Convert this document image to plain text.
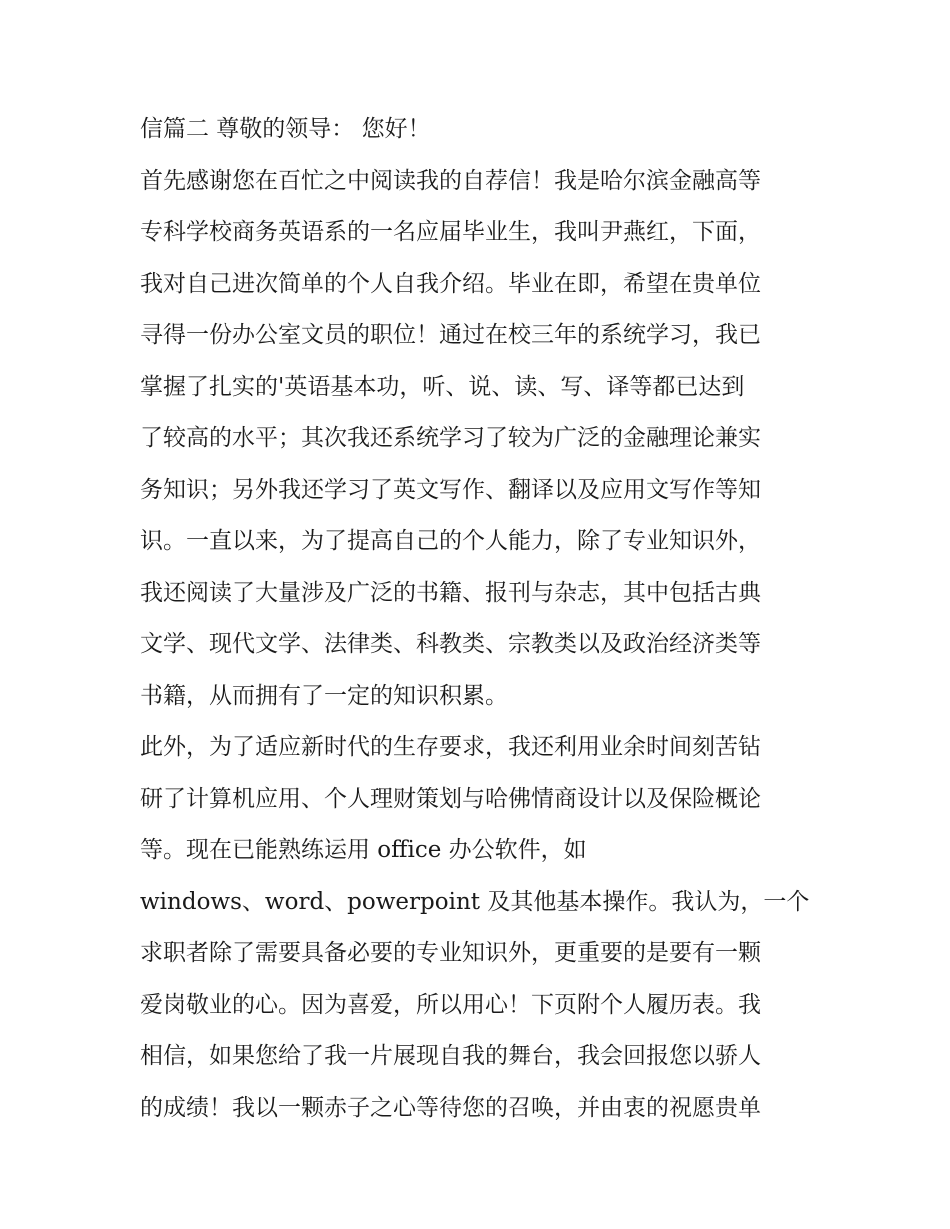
信篇二 尊敬的领导： 您好！
首先感谢您在百忙之中阅读我的自荐信！我是哈尔滨金融高等
专科学校商务英语系的一名应届毕业生，我叫尹燕红，下面，
我对自己进次简单的个人自我介绍。毕业在即，希望在贵单位
寻得一份办公室文员的职位！通过在校三年的系统学习，我已
掌握了扎实的'英语基本功，听、说、读、写、译等都已达到
了较高的水平；其次我还系统学习了较为广泛的金融理论兼实
务知识；另外我还学习了英文写作、翻译以及应用文写作等知
识。一直以来，为了提高自己的个人能力，除了专业知识外，
我还阅读了大量涉及广泛的书籍、报刊与杂志，其中包括古典
文学、现代文学、法律类、科教类、宗教类以及政治经济类等
书籍，从而拥有了一定的知识积累。
此外，为了适应新时代的生存要求，我还利用业余时间刻苦钻
研了计算机应用、个人理财策划与哈佛情商设计以及保险概论
等。现在已能熟练运用 office 办公软件，如
windows、word、powerpoint 及其他基本操作。我认为，一个
求职者除了需要具备必要的专业知识外，更重要的是要有一颗
爱岗敬业的心。因为喜爱，所以用心！下页附个人履历表。我
相信，如果您给了我一片展现自我的舞台，我会回报您以骄人
的成绩！我以一颗赤子之心等待您的召唤，并由衷的祝愿贵单
